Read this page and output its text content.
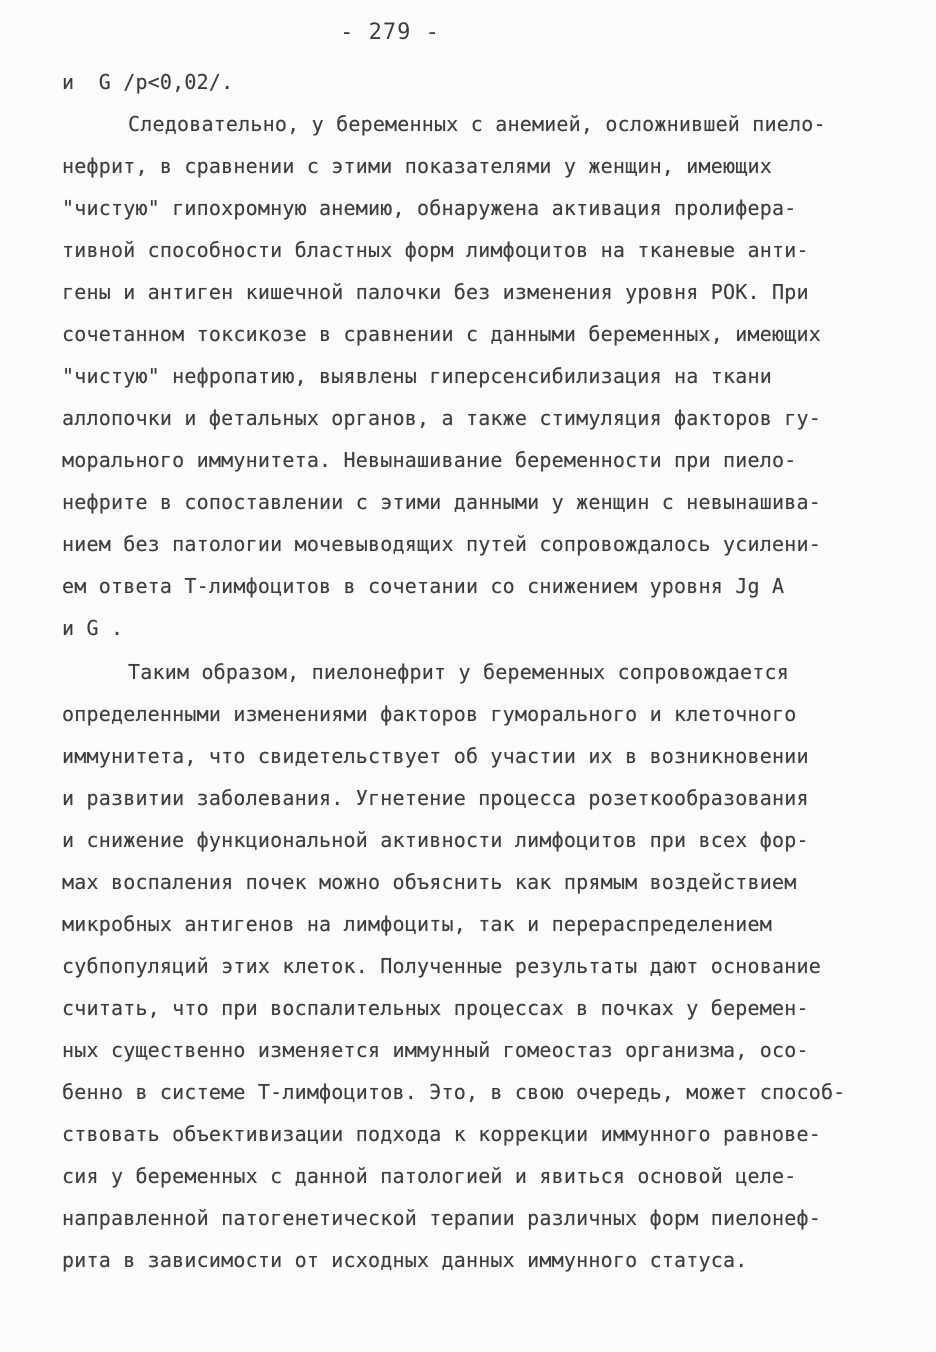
- 279 -
и  G /р<0,02/.
Следовательно, у беременных с анемией, осложнившей пиело-
нефрит, в сравнении с этими показателями у женщин, имеющих
"чистую" гипохромную анемию, обнаружена активация пролифера-
тивной способности бластных форм лимфоцитов на тканевые анти-
гены и антиген кишечной палочки без изменения уровня РОК. При
сочетанном токсикозе в сравнении с данными беременных, имеющих
"чистую" нефропатию, выявлены гиперсенсибилизация на ткани
аллопочки и фетальных органов, а также стимуляция факторов гу-
морального иммунитета. Невынашивание беременности при пиело-
нефрите в сопоставлении с этими данными у женщин с невынашива-
нием без патологии мочевыводящих путей сопровождалось усилени-
ем ответа Т-лимфоцитов в сочетании со снижением уровня Jg A
и G .
Таким образом, пиелонефрит у беременных сопровождается
определенными изменениями факторов гуморального и клеточного
иммунитета, что свидетельствует об участии их в возникновении
и развитии заболевания. Угнетение процесса розеткообразования
и снижение функциональной активности лимфоцитов при всех фор-
мах воспаления почек можно объяснить как прямым воздействием
микробных антигенов на лимфоциты, так и перераспределением
субпопуляций этих клеток. Полученные результаты дают основание
считать, что при воспалительных процессах в почках у беремен-
ных существенно изменяется иммунный гомеостаз организма, осо-
бенно в системе Т-лимфоцитов. Это, в свою очередь, может способ-
ствовать объективизации подхода к коррекции иммунного равнове-
сия у беременных с данной патологией и явиться основой целе-
направленной патогенетической терапии различных форм пиелонеф-
рита в зависимости от исходных данных иммунного статуса.
